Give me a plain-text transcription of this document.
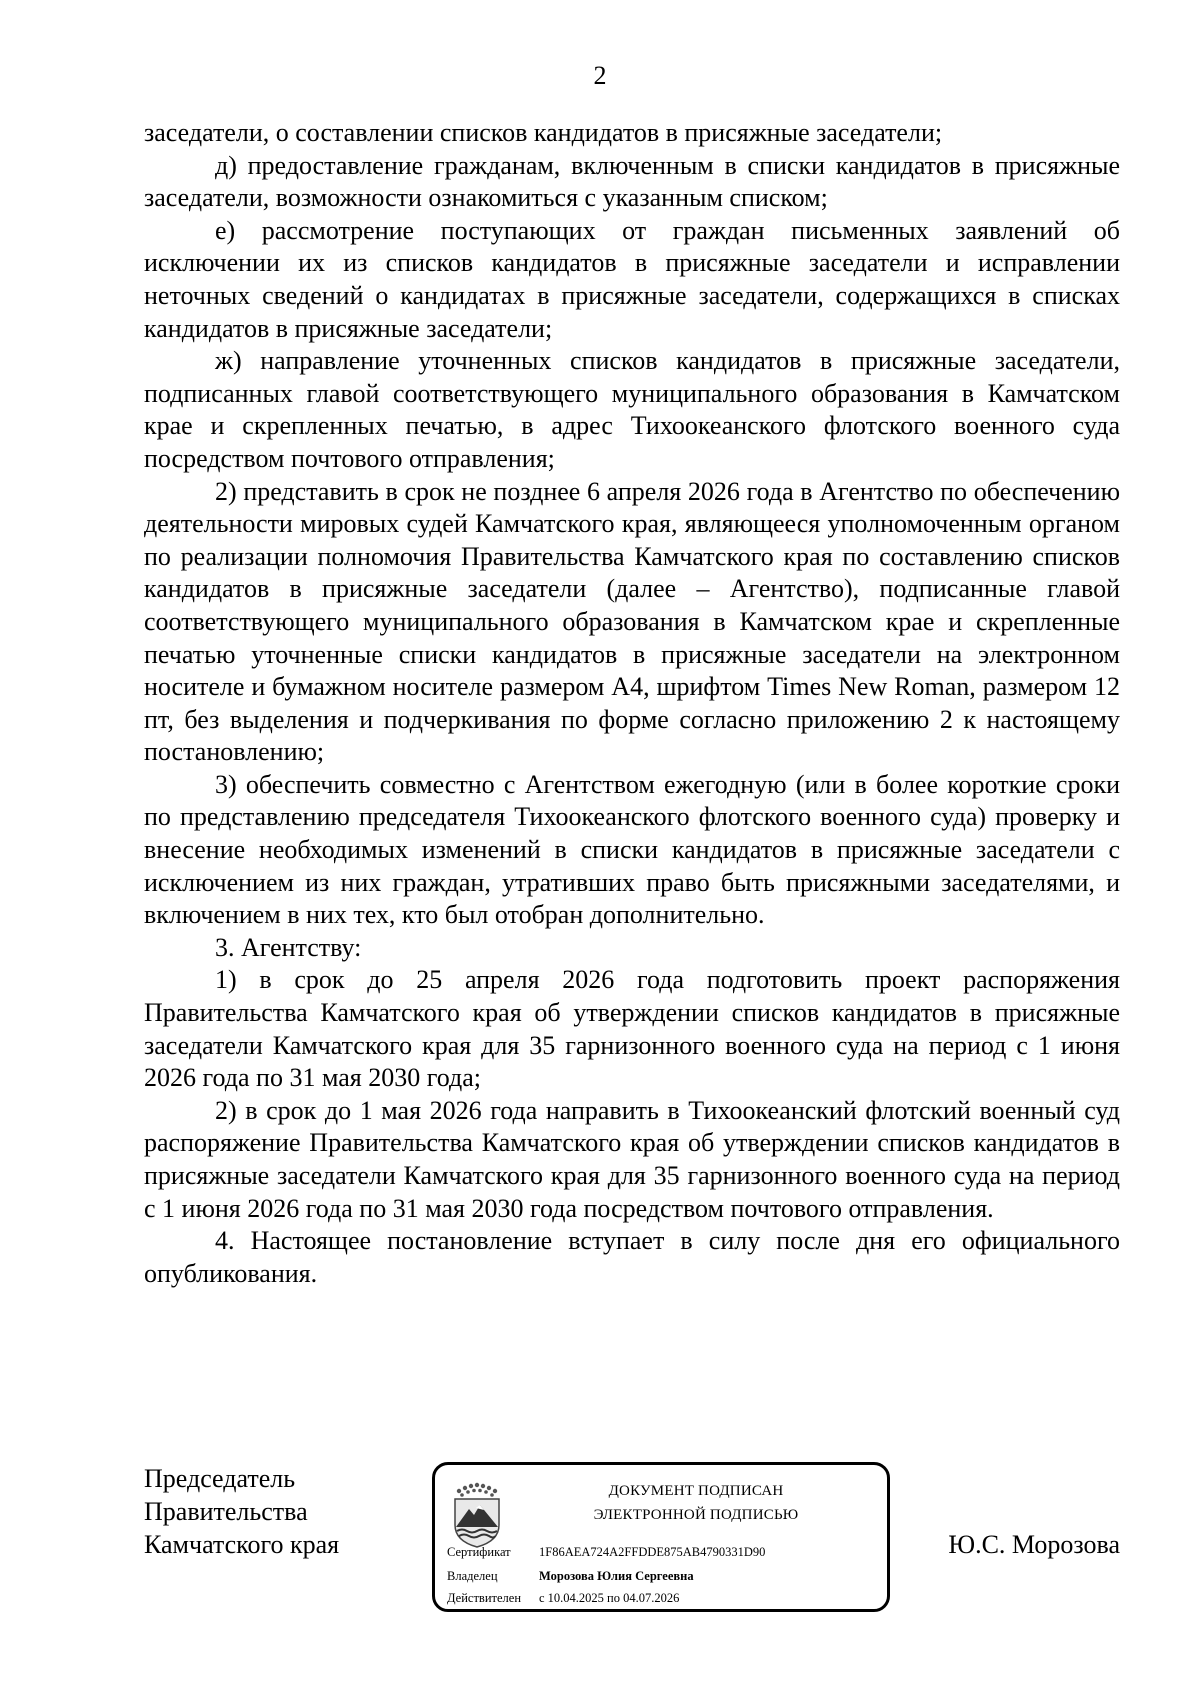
2

заседатели, о составлении списков кандидатов в присяжные заседатели;

д) предоставление гражданам, включенным в списки кандидатов в присяжные заседатели, возможности ознакомиться с указанным списком;

е) рассмотрение поступающих от граждан письменных заявлений об исключении их из списков кандидатов в присяжные заседатели и исправлении неточных сведений о кандидатах в присяжные заседатели, содержащихся в списках кандидатов в присяжные заседатели;

ж) направление уточненных списков кандидатов в присяжные заседатели, подписанных главой соответствующего муниципального образования в Камчатском крае и скрепленных печатью, в адрес Тихоокеанского флотского военного суда посредством почтового отправления;

2) представить в срок не позднее 6 апреля 2026 года в Агентство по обеспечению деятельности мировых судей Камчатского края, являющееся уполномоченным органом по реализации полномочия Правительства Камчатского края по составлению списков кандидатов в присяжные заседатели (далее – Агентство), подписанные главой соответствующего муниципального образования в Камчатском крае и скрепленные печатью уточненные списки кандидатов в присяжные заседатели на электронном носителе и бумажном носителе размером А4, шрифтом Times New Roman, размером 12 пт, без выделения и подчеркивания по форме согласно приложению 2 к настоящему постановлению;

3) обеспечить совместно с Агентством ежегодную (или в более короткие сроки по представлению председателя Тихоокеанского флотского военного суда) проверку и внесение необходимых изменений в списки кандидатов в присяжные заседатели с исключением из них граждан, утративших право быть присяжными заседателями, и включением в них тех, кто был отобран дополнительно.

3. Агентству:

1) в срок до 25 апреля 2026 года подготовить проект распоряжения Правительства Камчатского края об утверждении списков кандидатов в присяжные заседатели Камчатского края для 35 гарнизонного военного суда на период с 1 июня 2026 года по 31 мая 2030 года;

2) в срок до 1 мая 2026 года направить в Тихоокеанский флотский военный суд распоряжение Правительства Камчатского края об утверждении списков кандидатов в присяжные заседатели Камчатского края для 35 гарнизонного военного суда на период с 1 июня 2026 года по 31 мая 2030 года посредством почтового отправления.

4. Настоящее постановление вступает в силу после дня его официального опубликования.

Председатель
Правительства
Камчатского края
ДОКУМЕНТ ПОДПИСАН
ЭЛЕКТРОННОЙ ПОДПИСЬЮ
Сертификат 1F86AEA724A2FFDDE875AB4790331D90
Владелец	Морозова Юлия Сергеевна
Действителен с 10.04.2025 по 04.07.2026
Ю.С. Морозова
